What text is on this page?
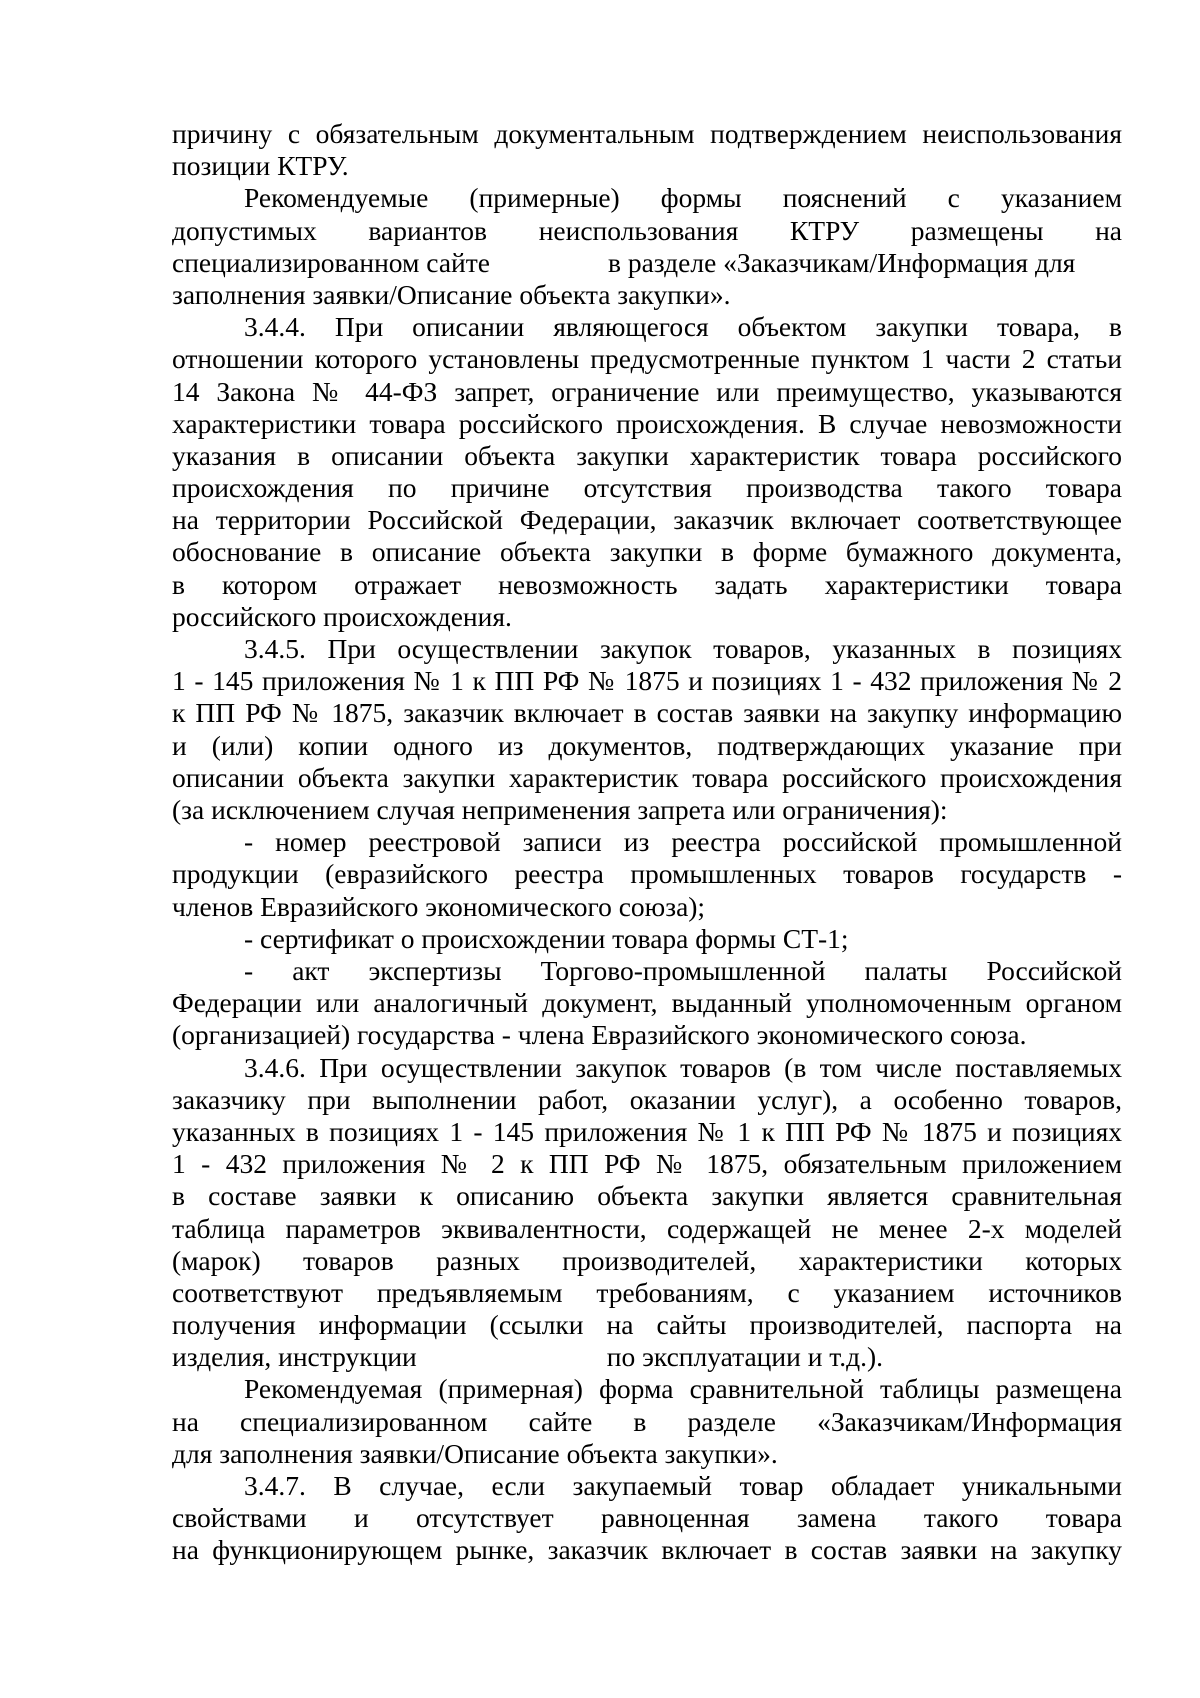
причину с обязательным документальным подтверждением неиспользования
позиции КТРУ.
Рекомендуемые (примерные) формы пояснений с указанием
допустимых вариантов неиспользования КТРУ размещены на
специализированном сайте	в разделе «Заказчикам/Информация для
заполнения заявки/Описание объекта закупки».
3.4.4. При описании являющегося объектом закупки товара, в
отношении которого установлены предусмотренные пунктом 1 части 2 статьи
14 Закона № 44-ФЗ запрет, ограничение или преимущество, указываются
характеристики товара российского происхождения. В случае невозможности
указания в описании объекта закупки характеристик товара российского
происхождения по причине отсутствия производства такого товара
на территории Российской Федерации, заказчик включает соответствующее
обоснование в описание объекта закупки в форме бумажного документа,
в котором отражает невозможность задать характеристики товара
российского происхождения.
3.4.5. При осуществлении закупок товаров, указанных в позициях
1 - 145 приложения № 1 к ПП РФ № 1875 и позициях 1 - 432 приложения № 2
к ПП РФ № 1875, заказчик включает в состав заявки на закупку информацию
и (или) копии одного из документов, подтверждающих указание при
описании объекта закупки характеристик товара российского происхождения
(за исключением случая неприменения запрета или ограничения):
- номер реестровой записи из реестра российской промышленной
продукции (евразийского реестра промышленных товаров государств -
членов Евразийского экономического союза);
- сертификат о происхождении товара формы СТ-1;
- акт экспертизы Торгово-промышленной палаты Российской
Федерации или аналогичный документ, выданный уполномоченным органом
(организацией) государства - члена Евразийского экономического союза.
3.4.6. При осуществлении закупок товаров (в том числе поставляемых
заказчику при выполнении работ, оказании услуг), а особенно товаров,
указанных в позициях 1 - 145 приложения № 1 к ПП РФ № 1875 и позициях
1 - 432 приложения № 2 к ПП РФ № 1875, обязательным приложением
в составе заявки к описанию объекта закупки является сравнительная
таблица параметров эквивалентности, содержащей не менее 2-х моделей
(марок) товаров разных производителей, характеристики которых
соответствуют предъявляемым требованиям, с указанием источников
получения информации (ссылки на сайты производителей, паспорта на
изделия, инструкции	по эксплуатации и т.д.).
Рекомендуемая (примерная) форма сравнительной таблицы размещена
на специализированном сайте в разделе «Заказчикам/Информация
для заполнения заявки/Описание объекта закупки».
3.4.7. В случае, если закупаемый товар обладает уникальными
свойствами и отсутствует равноценная замена такого товара
на функционирующем рынке, заказчик включает в состав заявки на закупку
